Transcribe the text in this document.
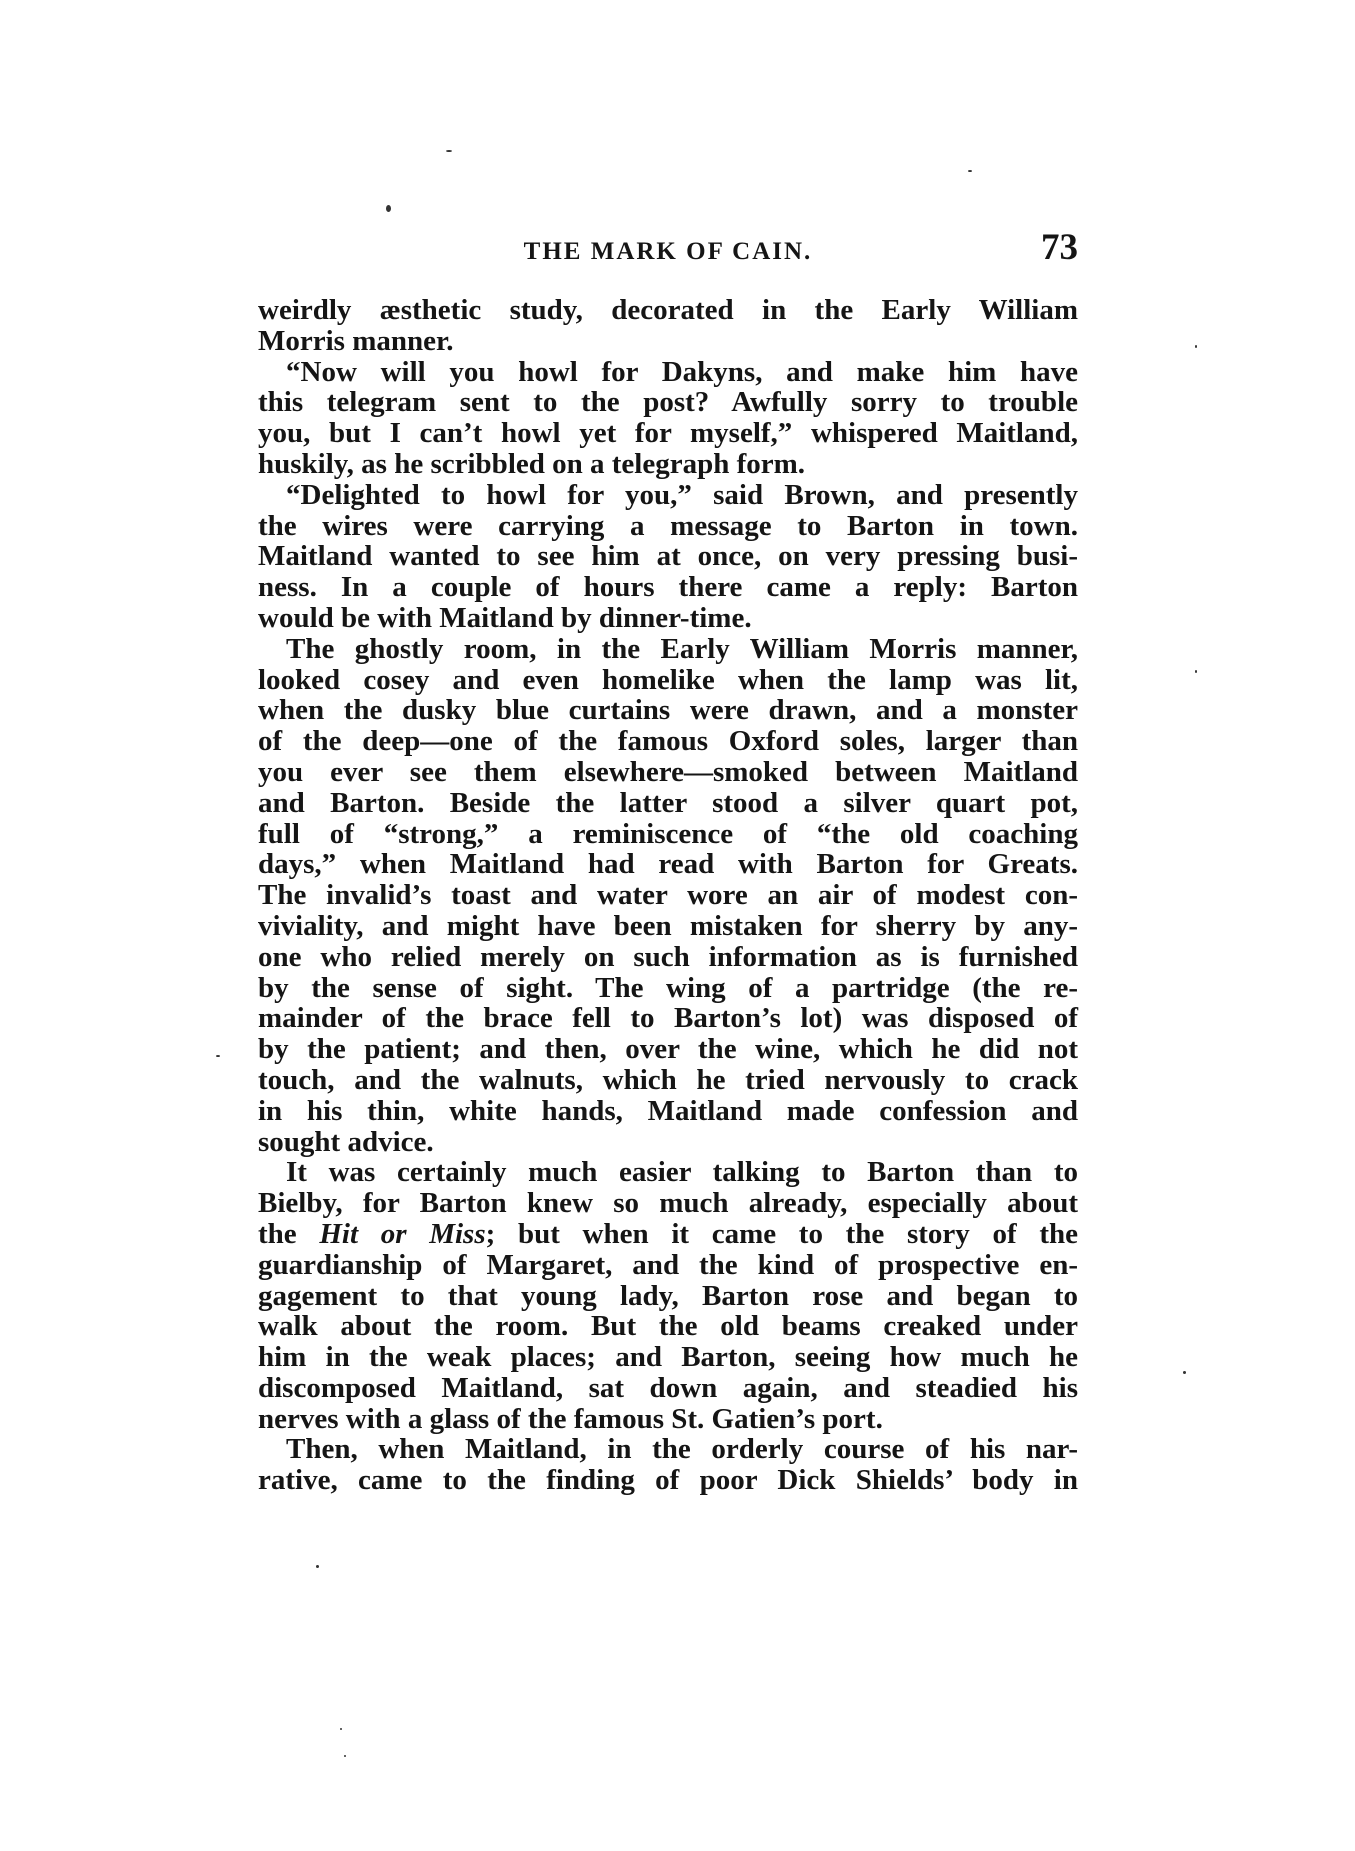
THE MARK OF CAIN.	73
weirdly æsthetic study, decorated in the Early William
Morris manner.
“Now will you howl for Dakyns, and make him have
this telegram sent to the post? Awfully sorry to trouble
you, but I can’t howl yet for myself,” whispered Maitland,
huskily, as he scribbled on a telegraph form.
“Delighted to howl for you,” said Brown, and presently
the wires were carrying a message to Barton in town.
Maitland wanted to see him at once, on very pressing busi-
ness. In a couple of hours there came a reply: Barton
would be with Maitland by dinner-time.
The ghostly room, in the Early William Morris manner,
looked cosey and even homelike when the lamp was lit,
when the dusky blue curtains were drawn, and a monster
of the deep—one of the famous Oxford soles, larger than
you ever see them elsewhere—smoked between Maitland
and Barton. Beside the latter stood a silver quart pot,
full of “strong,” a reminiscence of “the old coaching
days,” when Maitland had read with Barton for Greats.
The invalid’s toast and water wore an air of modest con-
viviality, and might have been mistaken for sherry by any-
one who relied merely on such information as is furnished
by the sense of sight. The wing of a partridge (the re-
mainder of the brace fell to Barton’s lot) was disposed of
by the patient; and then, over the wine, which he did not
touch, and the walnuts, which he tried nervously to crack
in his thin, white hands, Maitland made confession and
sought advice.
It was certainly much easier talking to Barton than to
Bielby, for Barton knew so much already, especially about
the Hit or Miss; but when it came to the story of the
guardianship of Margaret, and the kind of prospective en-
gagement to that young lady, Barton rose and began to
walk about the room. But the old beams creaked under
him in the weak places; and Barton, seeing how much he
discomposed Maitland, sat down again, and steadied his
nerves with a glass of the famous St. Gatien’s port.
Then, when Maitland, in the orderly course of his nar-
rative, came to the finding of poor Dick Shields’ body in
